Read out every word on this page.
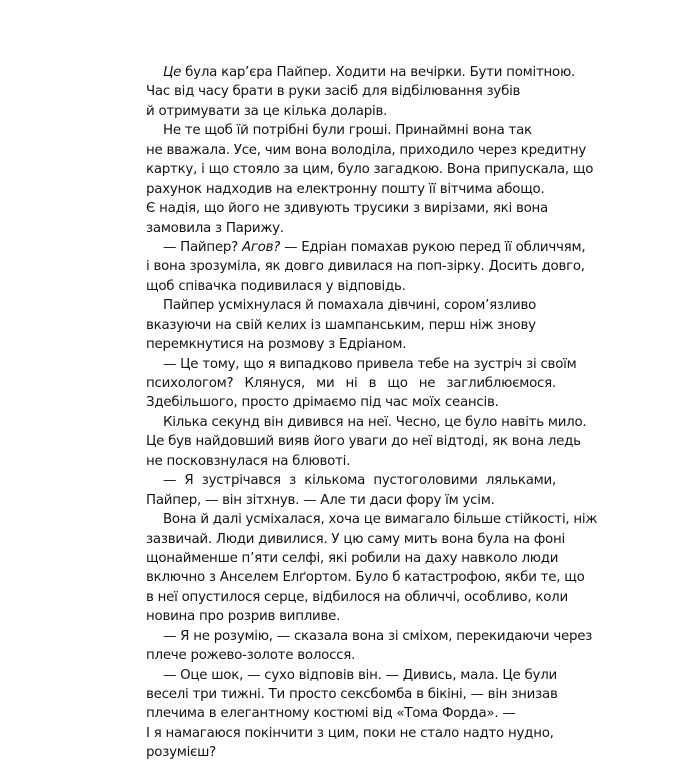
Це була кар’єра Пайпер. Ходити на вечірки. Бути помітною.
Час від часу брати в руки засіб для відбілювання зубів
й отримувати за це кілька доларів.
Не те щоб їй потрібні були гроші. Принаймні вона так
не вважала. Усе, чим вона володіла, приходило через кредитну
картку, і що стояло за цим, було загадкою. Вона припускала, що
рахунок надходив на електронну пошту її вітчима абощо.
Є надія, що його не здивують трусики з вирізами, які вона
замовила з Парижу.
— Пайпер? Агов? — Едріан помахав рукою перед її обличчям,
і вона зрозуміла, як довго дивилася на поп-зірку. Досить довго,
щоб співачка подивилася у відповідь.
Пайпер усміхнулася й помахала дівчині, сором’язливо
вказуючи на свій келих із шампанським, перш ніж знову
перемкнутися на розмову з Едріаном.
— Це тому, що я випадково привела тебе на зустріч зі своїм
психологом? Клянуся, ми ні в що не заглиблюємося.
Здебільшого, просто дрімаємо під час моїх сеансів.
Кілька секунд він дивився на неї. Чесно, це було навіть мило.
Це був найдовший вияв його уваги до неї відтоді, як вона ледь
не посковзнулася на блювоті.
— Я зустрічався з кількома пустоголовими ляльками,
Пайпер, — він зітхнув. — Але ти даси фору їм усім.
Вона й далі усміхалася, хоча це вимагало більше стійкості, ніж
зазвичай. Люди дивилися. У цю саму мить вона була на фоні
щонайменше п’яти селфі, які робили на даху навколо люди
включно з Анселем Елґортом. Було б катастрофою, якби те, що
в неї опустилося серце, відбилося на обличчі, особливо, коли
новина про розрив випливе.
— Я не розумію, — сказала вона зі сміхом, перекидаючи через
плече рожево-золоте волосся.
— Оце шок, — сухо відповів він. — Дивись, мала. Це були
веселі три тижні. Ти просто сексбомба в бікіні, — він знизав
плечима в елегантному костюмі від «Тома Форда». —
І я намагаюся покінчити з цим, поки не стало надто нудно,
розумієш?
